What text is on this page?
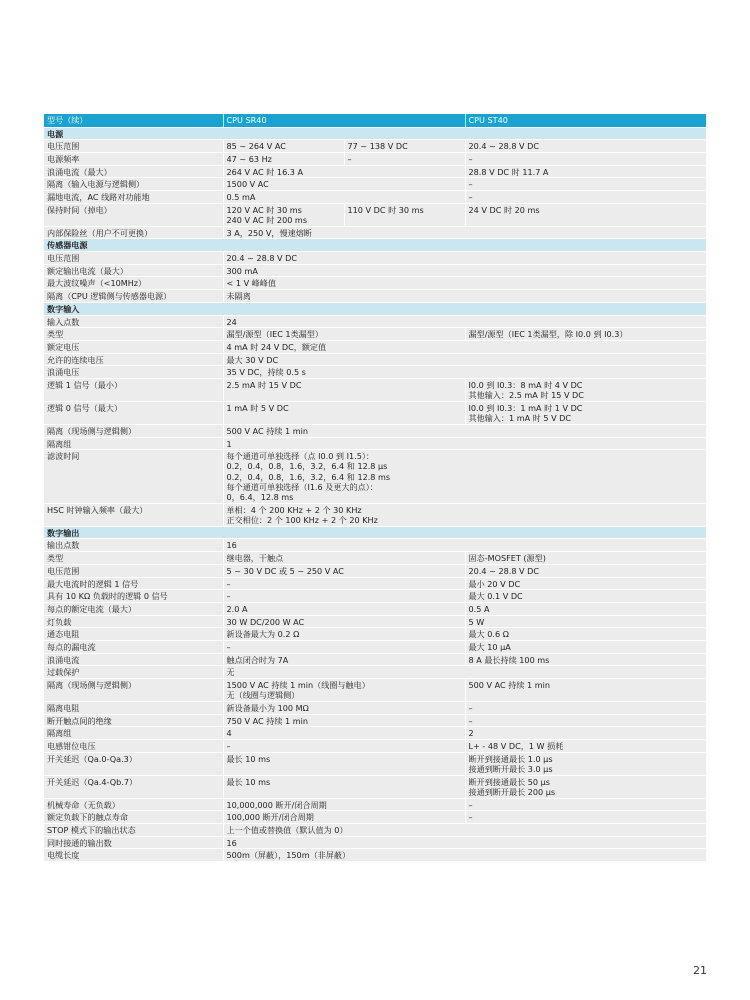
型号（续）	CPU SR40		CPU ST40
电源			
电压范围	85 ~ 264 V AC	77 ~ 138 V DC	20.4 ~ 28.8 V DC

电源频率	47 ~ 63 Hz	–	–

浪涌电流（最大）	264 V AC 时 16.3 A		28.8 V DC 时 11.7 A

隔离（输入电源与逻辑侧）	1500 V AC		–

漏地电流，AC 线路对功能地	0.5 mA		–

保持时间（掉电）	120 V AC 时 30 ms
240 V AC 时 200 ms	110 V DC 时 30 ms	24 V DC 时 20 ms

内部保险丝（用户不可更换）	3 A，250 V，慢速熔断		

传感器电源			
电压范围	20.4 ~ 28.8 V DC		

额定输出电流（最大）	300 mA		

最大波纹噪声（<10MHz）	< 1 V 峰峰值		

隔离（CPU 逻辑侧与传感器电源）	未隔离		

数字输入			
输入点数	24		

类型	漏型/源型（IEC 1类漏型）		漏型/源型（IEC 1类漏型，除 I0.0 到 I0.3）

额定电压	4 mA 时 24 V DC，额定值		

允许的连续电压	最大 30 V DC		

浪涌电压	35 V DC，持续 0.5 s		

逻辑 1 信号（最小）	2.5 mA 时 15 V DC		I0.0 到 I0.3：8 mA 时 4 V DC
其他输入：2.5 mA 时 15 V DC

逻辑 0 信号（最大）	1 mA 时 5 V DC		I0.0 到 I0.3：1 mA 时 1 V DC
其他输入：1 mA 时 5 V DC

隔离（现场侧与逻辑侧）	500 V AC 持续 1 min		

隔离组	1		

滤波时间	每个通道可单独选择（点 I0.0 到 I1.5）：
0.2，0.4，0.8，1.6，3.2，6.4 和 12.8 μs
0.2，0.4，0.8，1.6，3.2，6.4 和 12.8 ms
每个通道可单独选择（I1.6 及更大的点）：
0，6.4，12.8 ms		

HSC 时钟输入频率（最大）	单相：4 个 200 KHz + 2 个 30 KHz
正交相位：2 个 100 KHz + 2 个 20 KHz		

数字输出			
输出点数	16		

类型	继电器，干触点		固态-MOSFET (源型)

电压范围	5 ~ 30 V DC 或 5 ~ 250 V AC		20.4 ~ 28.8 V DC

最大电流时的逻辑 1 信号	–		最小 20 V DC

具有 10 KΩ 负载时的逻辑 0 信号	–		最大 0.1 V DC

每点的额定电流（最大）	2.0 A		0.5 A

灯负载	30 W DC/200 W AC		5 W

通态电阻	新设备最大为 0.2 Ω		最大 0.6 Ω

每点的漏电流	–		最大 10 μA

浪涌电流	触点闭合时为 7A		8 A 最长持续 100 ms

过载保护	无		

隔离（现场侧与逻辑侧）	1500 V AC 持续 1 min（线圈与触电）
无（线圈与逻辑侧）		500 V AC 持续 1 min

隔离电阻	新设备最小为 100 MΩ		–

断开触点间的绝缘	750 V AC 持续 1 min		–

隔离组	4		2

电感钳位电压	–		L+ - 48 V DC，1 W 损耗

开关延迟（Qa.0-Qa.3）	最长 10 ms		断开到接通最长 1.0 μs
接通到断开最长 3.0 μs

开关延迟（Qa.4-Qb.7）	最长 10 ms		断开到接通最长 50 μs
接通到断开最长 200 μs

机械寿命（无负载）	10,000,000 断开/闭合周期		–

额定负载下的触点寿命	100,000 断开/闭合周期		–

STOP 模式下的输出状态	上一个值或替换值（默认值为 0）		

同时接通的输出数	16		

电缆长度	500m（屏蔽），150m（非屏蔽）		
21
